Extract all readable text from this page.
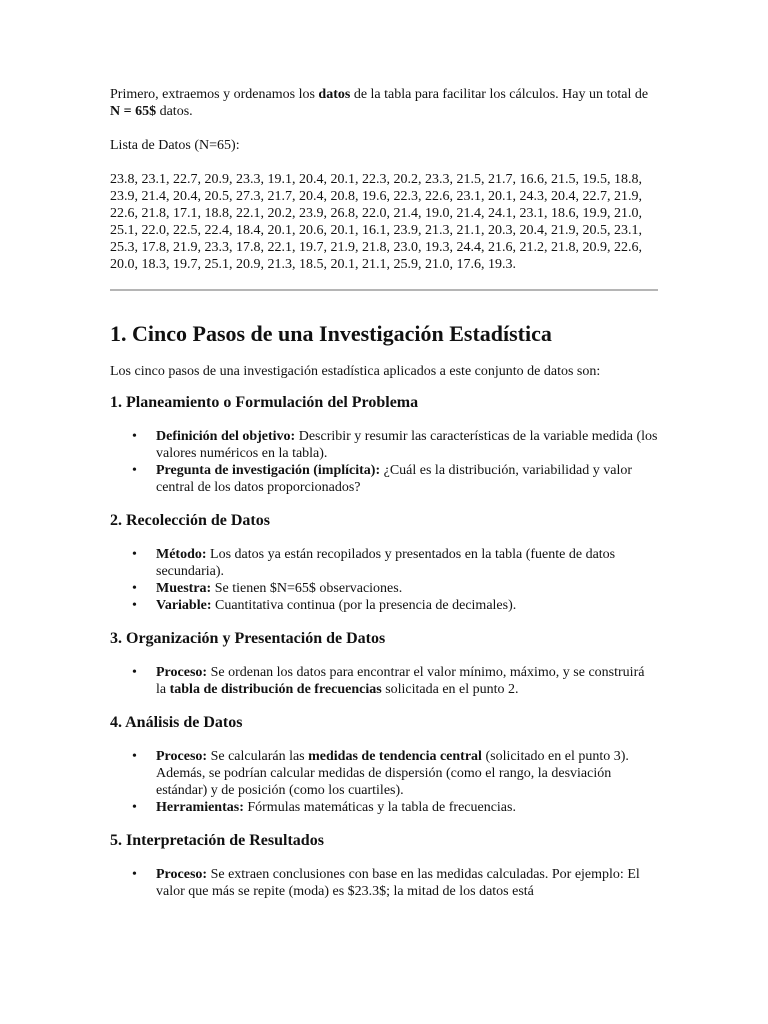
Primero, extraemos y ordenamos los datos de la tabla para facilitar los cálculos. Hay un total de N = 65$ datos.

Lista de Datos (N=65):

23.8, 23.1, 22.7, 20.9, 23.3, 19.1, 20.4, 20.1, 22.3, 20.2, 23.3, 21.5, 21.7, 16.6, 21.5, 19.5, 18.8, 23.9, 21.4, 20.4, 20.5, 27.3, 21.7, 20.4, 20.8, 19.6, 22.3, 22.6, 23.1, 20.1, 24.3, 20.4, 22.7, 21.9, 22.6, 21.8, 17.1, 18.8, 22.1, 20.2, 23.9, 26.8, 22.0, 21.4, 19.0, 21.4, 24.1, 23.1, 18.6, 19.9, 21.0, 25.1, 22.0, 22.5, 22.4, 18.4, 20.1, 20.6, 20.1, 16.1, 23.9, 21.3, 21.1, 20.3, 20.4, 21.9, 20.5, 23.1, 25.3, 17.8, 21.9, 23.3, 17.8, 22.1, 19.7, 21.9, 21.8, 23.0, 19.3, 24.4, 21.6, 21.2, 21.8, 20.9, 22.6, 20.0, 18.3, 19.7, 25.1, 20.9, 21.3, 18.5, 20.1, 21.1, 25.9, 21.0, 17.6, 19.3.

1. Cinco Pasos de una Investigación Estadística

Los cinco pasos de una investigación estadística aplicados a este conjunto de datos son:

1. Planeamiento o Formulación del Problema
• Definición del objetivo: Describir y resumir las características de la variable medida (los valores numéricos en la tabla).
• Pregunta de investigación (implícita): ¿Cuál es la distribución, variabilidad y valor central de los datos proporcionados?
2. Recolección de Datos
• Método: Los datos ya están recopilados y presentados en la tabla (fuente de datos secundaria).
• Muestra: Se tienen $N=65$ observaciones.
• Variable: Cuantitativa continua (por la presencia de decimales).
3. Organización y Presentación de Datos
• Proceso: Se ordenan los datos para encontrar el valor mínimo, máximo, y se construirá la tabla de distribución de frecuencias solicitada en el punto 2.
4. Análisis de Datos
• Proceso: Se calcularán las medidas de tendencia central (solicitado en el punto 3). Además, se podrían calcular medidas de dispersión (como el rango, la desviación estándar) y de posición (como los cuartiles).
• Herramientas: Fórmulas matemáticas y la tabla de frecuencias.
5. Interpretación de Resultados
• Proceso: Se extraen conclusiones con base en las medidas calculadas. Por ejemplo: El valor que más se repite (moda) es $23.3$; la mitad de los datos está
